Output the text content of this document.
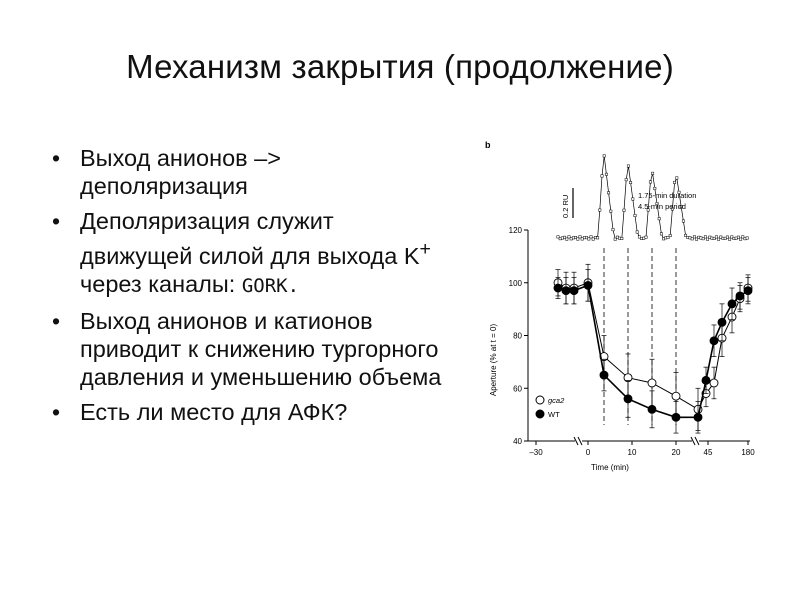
Механизм закрытия (продолжение)
• Выход анионов –> деполяризация
• Деполяризация служит движущей силой для выхода K+ через каналы: GORK.
• Выход анионов и катионов приводит к снижению тургорного давления и уменьшению объема
• Есть ли место для АФК?
b
40
60
80
100
120
–30	0	10	20	45	180
gca2
WT
Time (min)
Aperture (% at t = 0)
1.75-min duration
4.5-min period
0.2 RU
